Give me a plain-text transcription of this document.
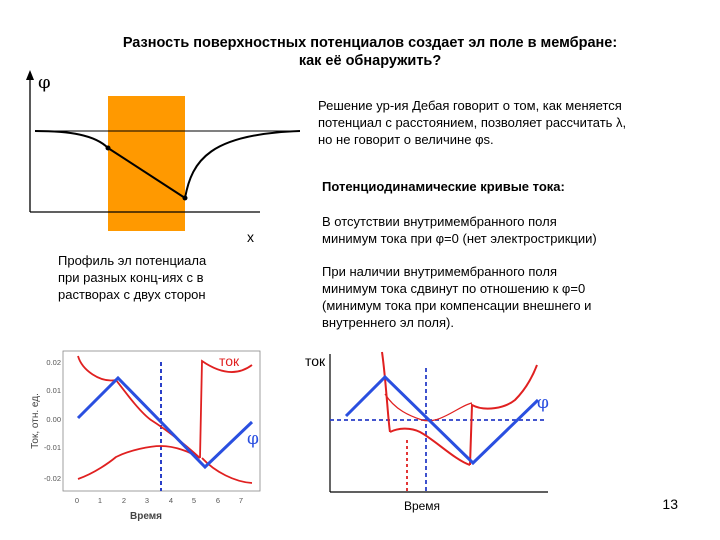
Разность поверхностных потенциалов создает эл поле в мембране:
как её обнаружить?
φ
x
Профиль эл потенциала
при разных конц-иях c в
растворах с двух сторон
Решение ур-ия Дебая говорит о том, как меняется
потенциал с расстоянием, позволяет рассчитать λ,
но не говорит о величине φs.
Потенциодинамические кривые тока:
В отсутствии внутримембранного поля
минимум тока при φ=0 (нет электрострикции)
При наличии внутримембранного поля
минимум тока сдвинут по отношению к φ=0
(минимум тока при компенсации внешнего и
внутреннего эл поля).
0.02
0.01
0.00
-0.01
-0.02
0	1	2	3	4	5	6	7
Время
Ток, отн. ед.
ток
φ
ток
φ
Время	13
